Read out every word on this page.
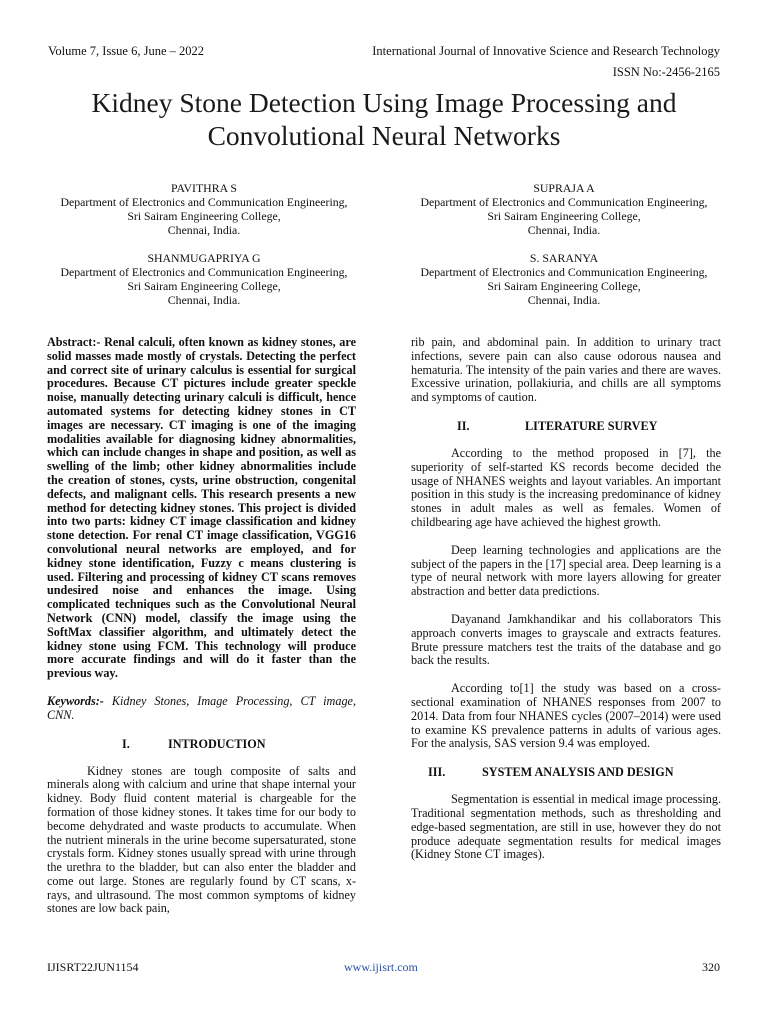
Volume 7, Issue 6, June – 2022	International Journal of Innovative Science and Research Technology
ISSN No:-2456-2165
Kidney Stone Detection Using Image Processing and
Convolutional Neural Networks
PAVITHRA S
Department of Electronics and Communication Engineering,
Sri Sairam Engineering College,
Chennai, India.
SUPRAJA A
Department of Electronics and Communication Engineering,
Sri Sairam Engineering College,
Chennai, India.
SHANMUGAPRIYA G
Department of Electronics and Communication Engineering,
Sri Sairam Engineering College,
Chennai, India.
S. SARANYA
Department of Electronics and Communication Engineering,
Sri Sairam Engineering College,
Chennai, India.

Abstract:- Renal calculi, often known as kidney stones, are solid masses made mostly of crystals. Detecting the perfect and correct site of urinary calculus is essential for surgical procedures. Because CT pictures include greater speckle noise, manually detecting urinary calculi is difficult, hence automated systems for detecting kidney stones in CT images are necessary. CT imaging is one of the imaging modalities available for diagnosing kidney abnormalities, which can include changes in shape and position, as well as swelling of the limb; other kidney abnormalities include the creation of stones, cysts, urine obstruction, congenital defects, and malignant cells. This research presents a new method for detecting kidney stones. This project is divided into two parts: kidney CT image classification and kidney stone detection. For renal CT image classification, VGG16 convolutional neural networks are employed, and for kidney stone identification, Fuzzy c means clustering is used. Filtering and processing of kidney CT scans removes undesired noise and enhances the image. Using complicated techniques such as the Convolutional Neural Network (CNN) model, classify the image using the SoftMax classifier algorithm, and ultimately detect the kidney stone using FCM. This technology will produce more accurate findings and will do it faster than the previous way.

Keywords:- Kidney Stones, Image Processing, CT image, CNN.

I.	INTRODUCTION

Kidney stones are tough composite of salts and minerals along with calcium and urine that shape internal your kidney. Body fluid content material is chargeable for the formation of those kidney stones. It takes time for our body to become dehydrated and waste products to accumulate. When the nutrient minerals in the urine become supersaturated, stone crystals form. Kidney stones usually spread with urine through the urethra to the bladder, but can also enter the bladder and come out large. Stones are regularly found by CT scans, x-rays, and ultrasound. The most common symptoms of kidney stones are low back pain,

rib pain, and abdominal pain. In addition to urinary tract infections, severe pain can also cause odorous nausea and hematuria. The intensity of the pain varies and there are waves. Excessive urination, pollakiuria, and chills are all symptoms and symptoms of caution.

II.	LITERATURE SURVEY

According to the method proposed in [7], the superiority of self-started KS records become decided the usage of NHANES weights and layout variables. An important position in this study is the increasing predominance of kidney stones in adult males as well as females. Women of childbearing age have achieved the highest growth.

Deep learning technologies and applications are the subject of the papers in the [17] special area. Deep learning is a type of neural network with more layers allowing for greater abstraction and better data predictions.

Dayanand Jamkhandikar and his collaborators This approach converts images to grayscale and extracts features. Brute pressure matchers test the traits of the database and go back the results.

According to[1] the study was based on a cross-sectional examination of NHANES responses from 2007 to 2014. Data from four NHANES cycles (2007–2014) were used to examine KS prevalence patterns in adults of various ages. For the analysis, SAS version 9.4 was employed.

III.	SYSTEM ANALYSIS AND DESIGN

Segmentation is essential in medical image processing. Traditional segmentation methods, such as thresholding and edge-based segmentation, are still in use, however they do not produce adequate segmentation results for medical images (Kidney Stone CT images).

IJISRT22JUN1154	www.ijisrt.com	320
